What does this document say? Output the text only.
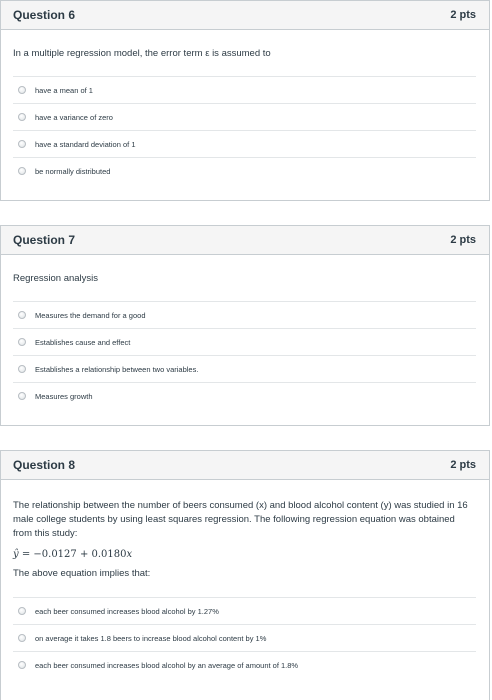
Question 6	2 pts
In a multiple regression model, the error term ε is assumed to
have a mean of 1
have a variance of zero
have a standard deviation of 1
be normally distributed
Question 7	2 pts
Regression analysis
Measures the demand for a good
Establishes cause and effect
Establishes a relationship between two variables.
Measures growth
Question 8	2 pts
The relationship between the number of beers consumed (x) and blood alcohol content (y) was studied in 16 male college students by using least squares regression. The following regression equation was obtained from this study:
ŷ = −0.0127 + 0.0180x
The above equation implies that:
each beer consumed increases blood alcohol by 1.27%
on average it takes 1.8 beers to increase blood alcohol content by 1%
each beer consumed increases blood alcohol by an average of amount of 1.8%
